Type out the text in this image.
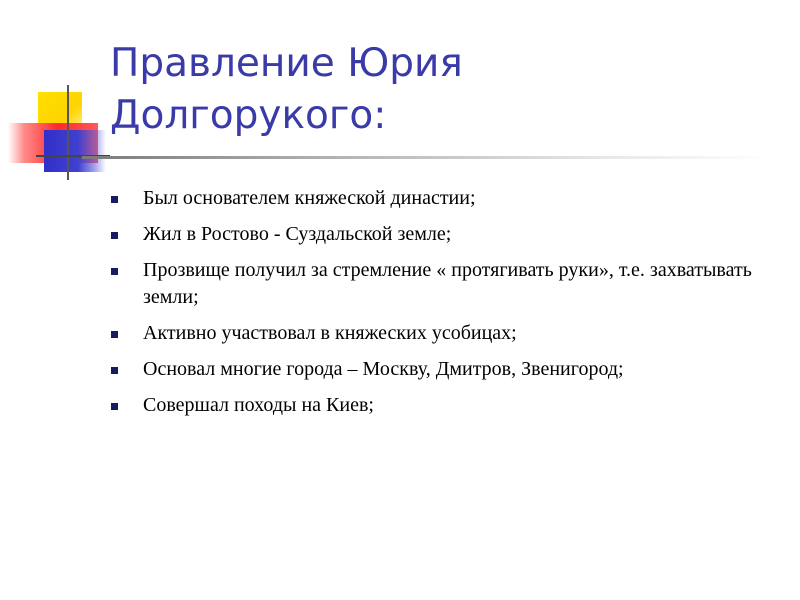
Правление Юрия
Долгорукого:
Был основателем княжеской династии;
Жил в Ростово - Суздальской земле;
Прозвище получил за стремление « протягивать руки», т.е. захватывать земли;
Активно участвовал в княжеских усобицах;
Основал многие города – Москву, Дмитров, Звенигород;
Совершал походы на Киев;
